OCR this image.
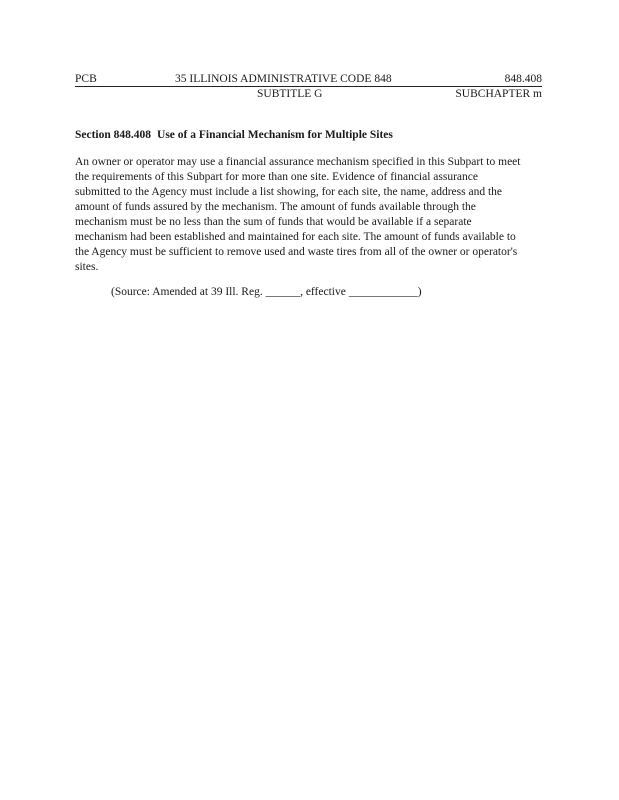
PCB	35 ILLINOIS ADMINISTRATIVE CODE 848	848.408
SUBTITLE G	SUBCHAPTER m
Section 848.408 Use of a Financial Mechanism for Multiple Sites
An owner or operator may use a financial assurance mechanism specified in this Subpart to meet
the requirements of this Subpart for more than one site. Evidence of financial assurance
submitted to the Agency must include a list showing, for each site, the name, address and the
amount of funds assured by the mechanism. The amount of funds available through the
mechanism must be no less than the sum of funds that would be available if a separate
mechanism had been established and maintained for each site. The amount of funds available to
the Agency must be sufficient to remove used and waste tires from all of the owner or operator's
sites.
(Source: Amended at 39 Ill. Reg. ______, effective ____________)
